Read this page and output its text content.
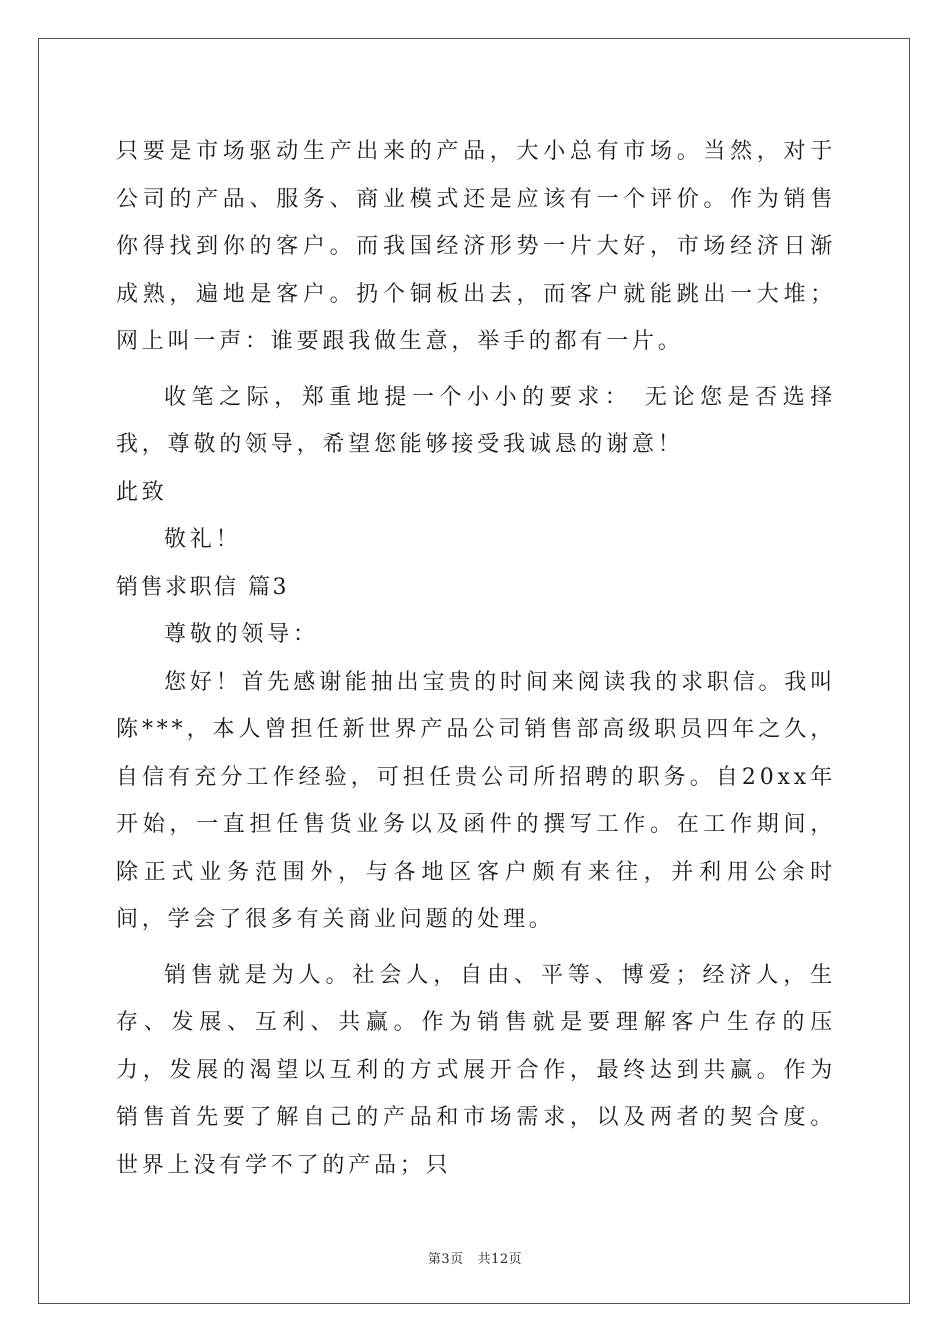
只要是市场驱动生产出来的产品，大小总有市场。当然，对于公司的产品、服务、商业模式还是应该有一个评价。作为销售你得找到你的客户。而我国经济形势一片大好，市场经济日渐成熟，遍地是客户。扔个铜板出去，而客户就能跳出一大堆；网上叫一声：谁要跟我做生意，举手的都有一片。

收笔之际，郑重地提一个小小的要求： 无论您是否选择我，尊敬的领导，希望您能够接受我诚恳的谢意！

此致

敬礼！

销售求职信 篇3

尊敬的领导：

您好！首先感谢能抽出宝贵的时间来阅读我的求职信。我叫陈***，本人曾担任新世界产品公司销售部高级职员四年之久，自信有充分工作经验，可担任贵公司所招聘的职务。自20xx年开始，一直担任售货业务以及函件的撰写工作。在工作期间，除正式业务范围外，与各地区客户颇有来往，并利用公余时间，学会了很多有关商业问题的处理。

销售就是为人。社会人，自由、平等、博爱；经济人，生存、发展、互利、共赢。作为销售就是要理解客户生存的压力，发展的渴望以互利的方式展开合作，最终达到共赢。作为销售首先要了解自己的产品和市场需求，以及两者的契合度。世界上没有学不了的产品；只

第3页 共12页
